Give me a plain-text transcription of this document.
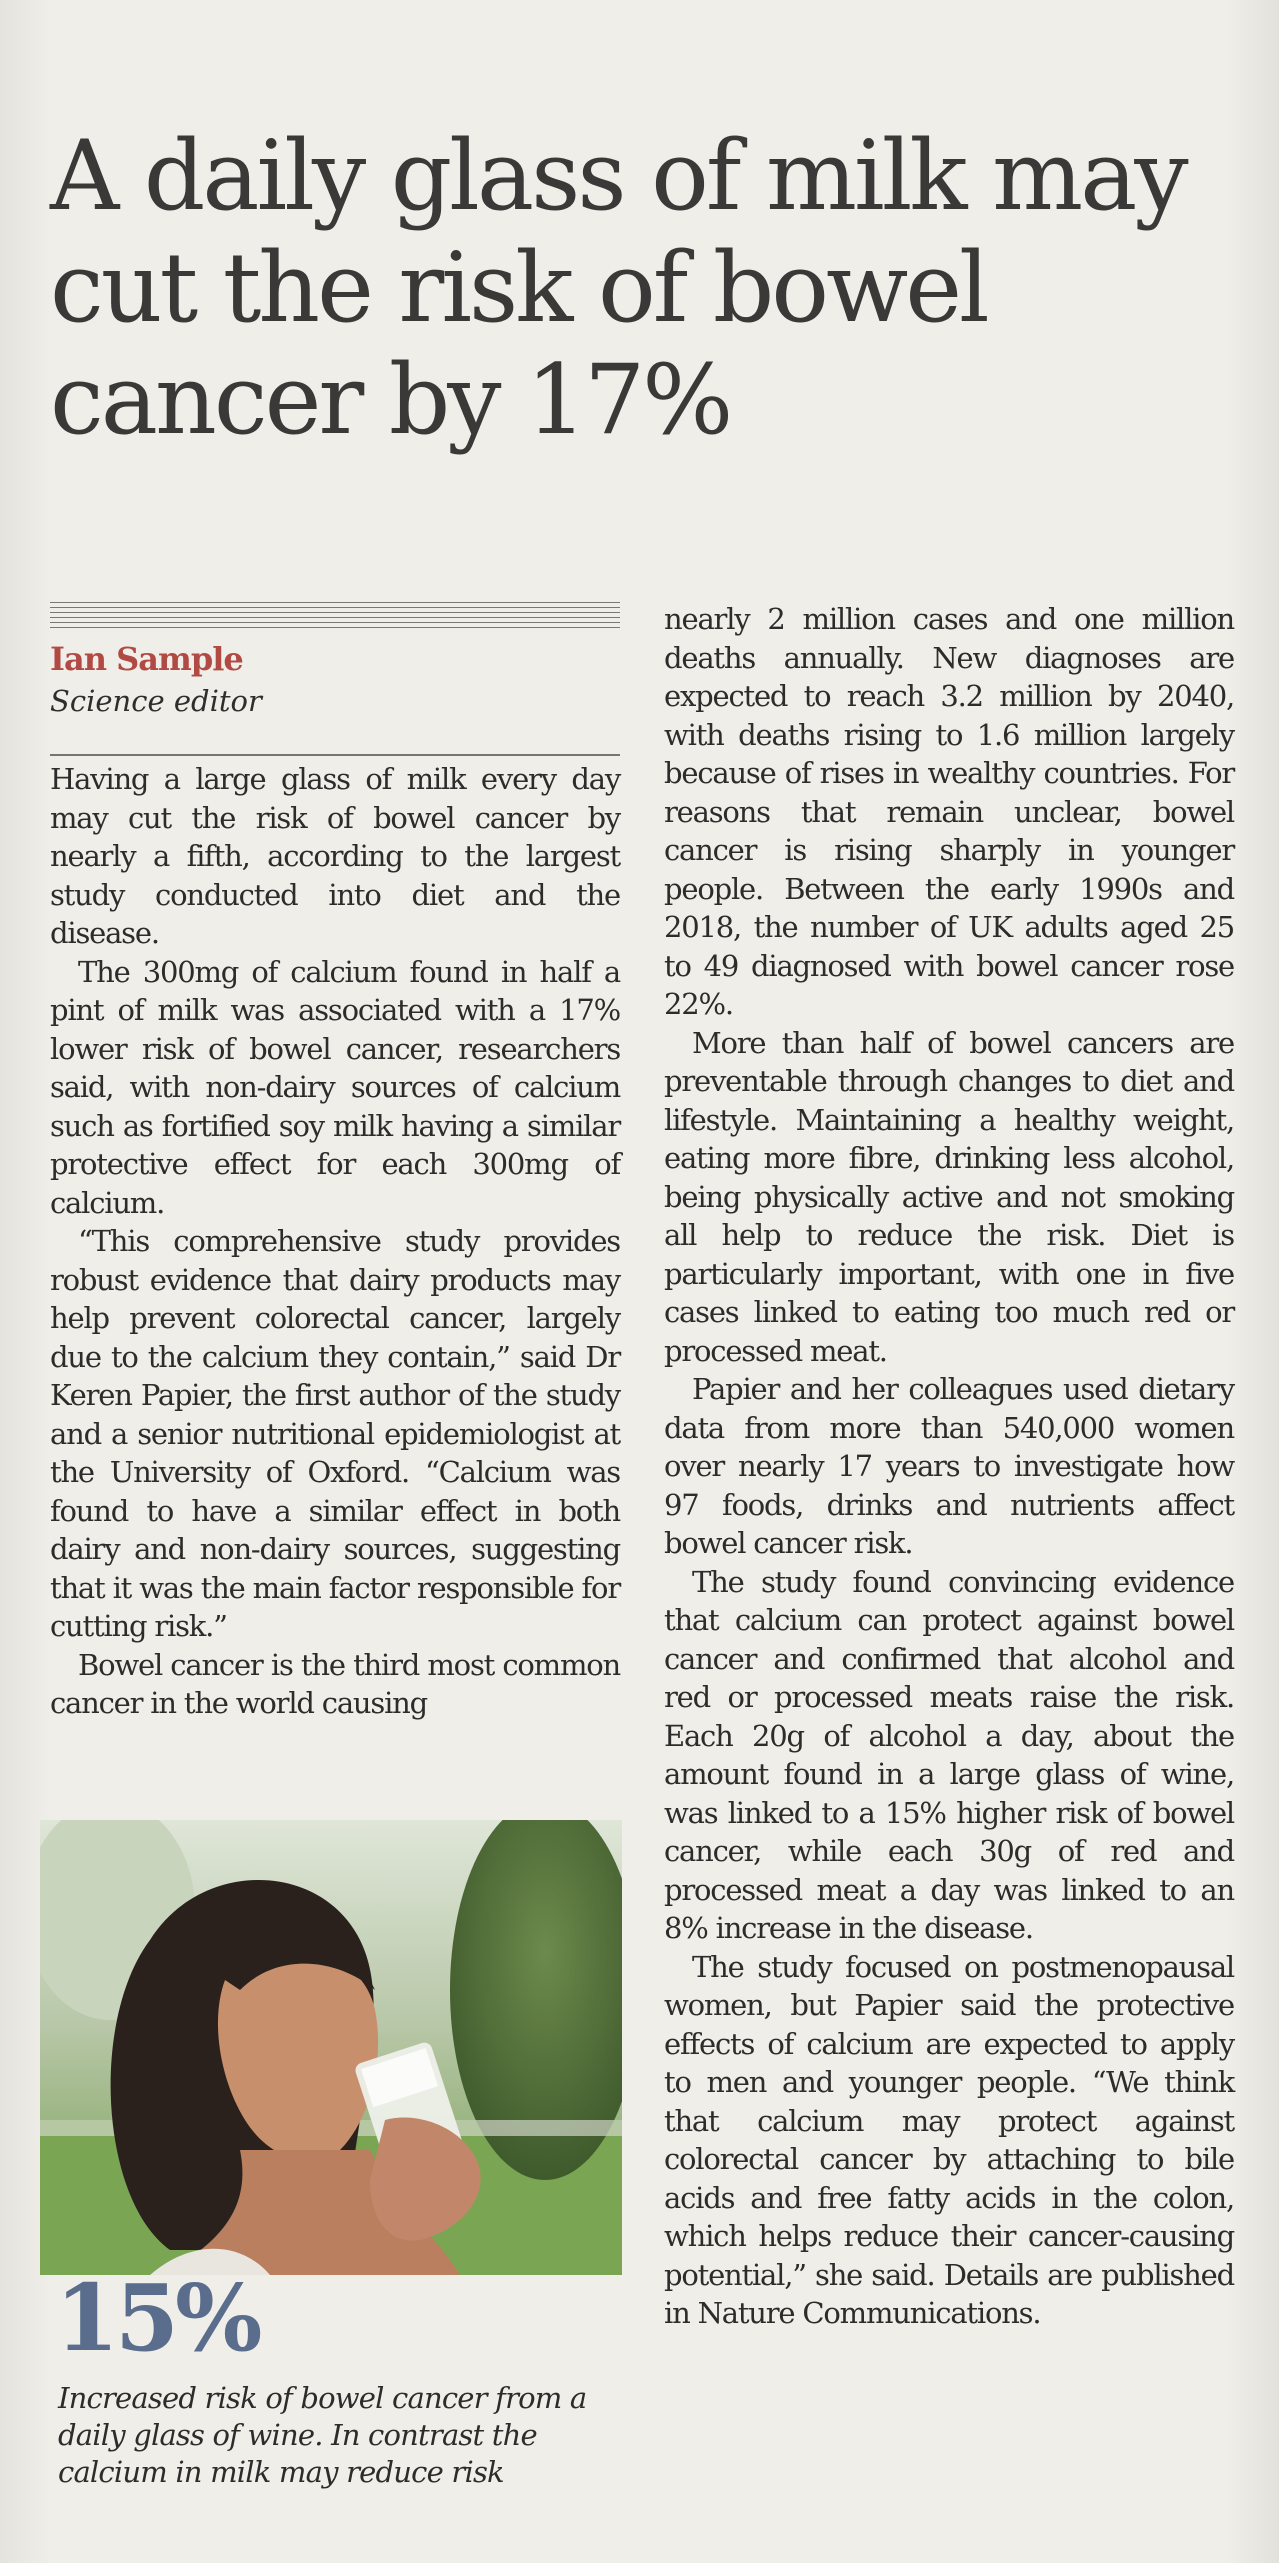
A daily glass of milk may cut the risk of bowel cancer by 17%
Ian Sample
Science editor

Having a large glass of milk every day may cut the risk of bowel cancer by nearly a fifth, according to the largest study conducted into diet and the disease.

The 300mg of calcium found in half a pint of milk was associated with a 17% lower risk of bowel cancer, researchers said, with non-dairy sources of calcium such as fortified soy milk having a similar protective effect for each 300mg of calcium.

“This comprehensive study provides robust evidence that dairy products may help prevent colorectal cancer, largely due to the calcium they contain,” said Dr Keren Papier, the first author of the study and a senior nutritional epidemiologist at the University of Oxford. “Calcium was found to have a similar effect in both dairy and non-dairy sources, suggesting that it was the main factor responsible for cutting risk.”

Bowel cancer is the third most common cancer in the world causing

nearly 2 million cases and one million deaths annually. New diagnoses are expected to reach 3.2 million by 2040, with deaths rising to 1.6 million largely because of rises in wealthy countries. For reasons that remain unclear, bowel cancer is rising sharply in younger people. Between the early 1990s and 2018, the number of UK adults aged 25 to 49 diagnosed with bowel cancer rose 22%.

More than half of bowel cancers are preventable through changes to diet and lifestyle. Maintaining a healthy weight, eating more fibre, drinking less alcohol, being physically active and not smoking all help to reduce the risk. Diet is particularly important, with one in five cases linked to eating too much red or processed meat.

Papier and her colleagues used dietary data from more than 540,000 women over nearly 17 years to investigate how 97 foods, drinks and nutrients affect bowel cancer risk.

The study found convincing evidence that calcium can protect against bowel cancer and confirmed that alcohol and red or processed meats raise the risk. Each 20g of alcohol a day, about the amount found in a large glass of wine, was linked to a 15% higher risk of bowel cancer, while each 30g of red and processed meat a day was linked to an 8% increase in the disease.

The study focused on postmenopausal women, but Papier said the protective effects of calcium are expected to apply to men and younger people. “We think that calcium may protect against colorectal cancer by attaching to bile acids and free fatty acids in the colon, which helps reduce their cancer-causing potential,” she said. Details are published in Nature Communications.

15%
Increased risk of bowel cancer from a daily glass of wine. In contrast the calcium in milk may reduce risk
